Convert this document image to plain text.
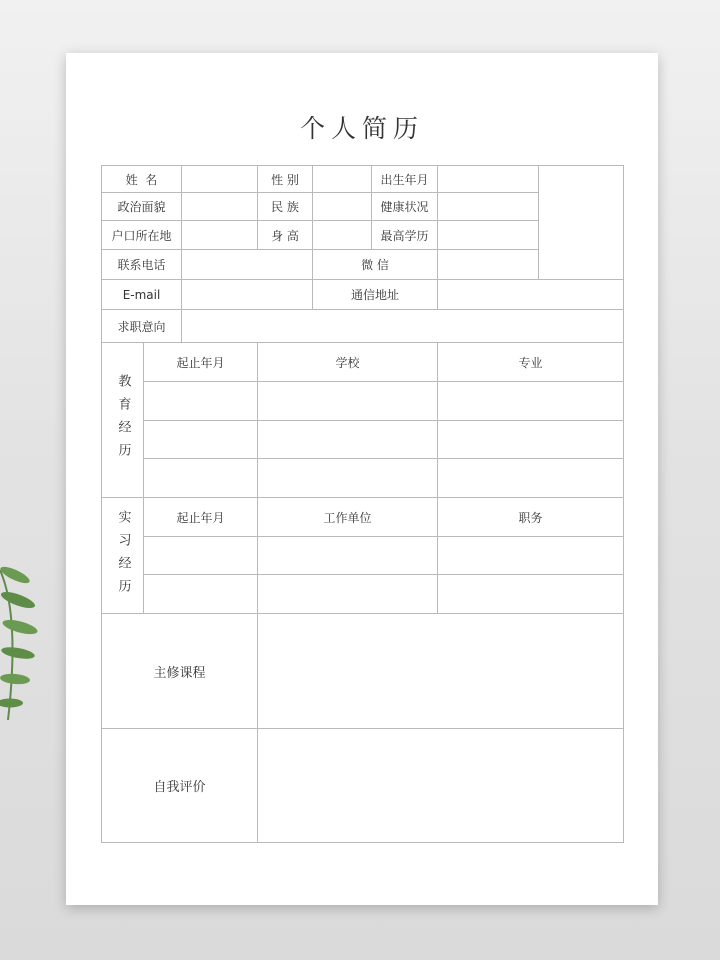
个人简历
姓  名	性 别	出生年月
政治面貌	民 族	健康状况
户口所在地	身 高	最高学历
联系电话	微 信
E-mail	通信地址
求职意向
教育经历
起止年月	学校	专业
实习经历	起止年月	工作单位	职务
主修课程
自我评价
